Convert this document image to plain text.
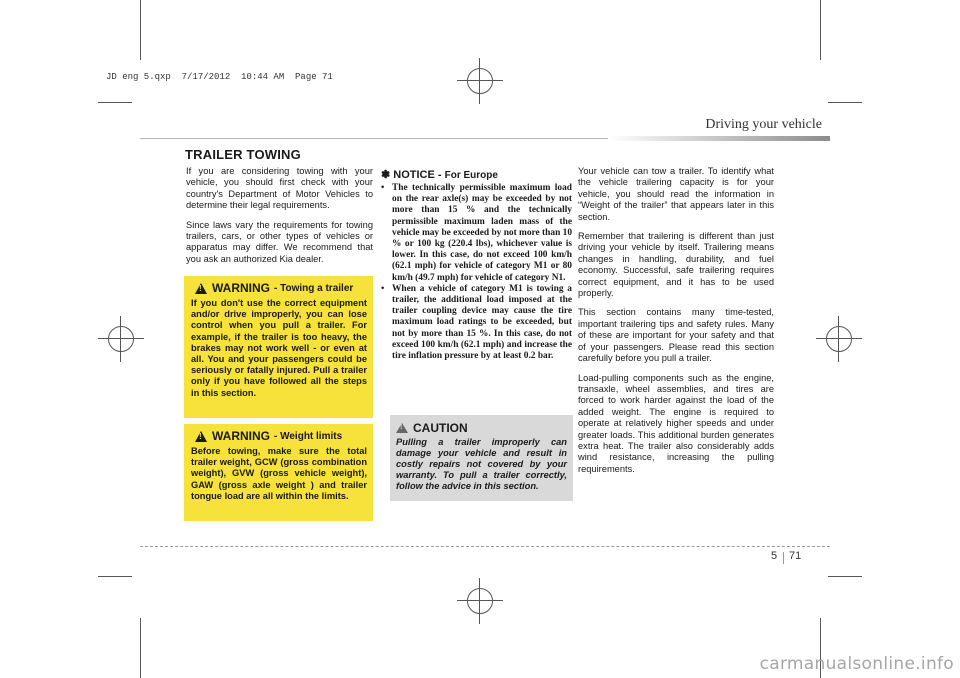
JD eng 5.qxp  7/17/2012  10:44 AM  Page 71
Driving your vehicle
TRAILER TOWING

If you are considering towing with your vehicle, you should first check with your country's Department of Motor Vehicles to determine their legal requirements.

Since laws vary the requirements for towing trailers, cars, or other types of vehicles or apparatus may differ. We recommend that you ask an authorized Kia dealer.

!
WARNING - Towing a trailer
If you don't use the correct equipment and/or drive improperly, you can lose control when you pull a trailer. For example, if the trailer is too heavy, the brakes may not work well - or even at all. You and your passengers could be seriously or fatally injured. Pull a trailer only if you have followed all the steps in this section.
!
WARNING - Weight limits
Before towing, make sure the total trailer weight, GCW (gross combination weight), GVW (gross vehicle weight), GAW (gross axle weight ) and trailer tongue load are all within the limits.
✽ NOTICE - For Europe
• The technically permissible maximum load on the rear axle(s) may be exceeded by not more than 15 % and the technically permissible maximum laden mass of the vehicle may be exceeded by not more than 10 % or 100 kg (220.4 lbs), whichever value is lower. In this case, do not exceed 100 km/h (62.1 mph) for vehicle of category M1 or 80 km/h (49.7 mph) for vehicle of category N1.
• When a vehicle of category M1 is towing a trailer, the additional load imposed at the trailer coupling device may cause the tire maximum load ratings to be exceeded, but not by more than 15 %. In this case, do not exceed 100 km/h (62.1 mph) and increase the tire inflation pressure by at least 0.2 bar.
!
CAUTION
Pulling a trailer improperly can damage your vehicle and result in costly repairs not covered by your warranty. To pull a trailer correctly, follow the advice in this section.

Your vehicle can tow a trailer. To identify what the vehicle trailering capacity is for your vehicle, you should read the information in “Weight of the trailer” that appears later in this section.

Remember that trailering is different than just driving your vehicle by itself. Trailering means changes in handling, durability, and fuel economy. Successful, safe trailering requires correct equipment, and it has to be used properly.

This section contains many time-tested, important trailering tips and safety rules. Many of these are important for your safety and that of your passengers. Please read this section carefully before you pull a trailer.

Load-pulling components such as the engine, transaxle, wheel assemblies, and tires are forced to work harder against the load of the added weight. The engine is required to operate at relatively higher speeds and under greater loads. This additional burden generates extra heat. The trailer also considerably adds wind resistance, increasing the pulling requirements.

5 71
carmanualsonline.info
